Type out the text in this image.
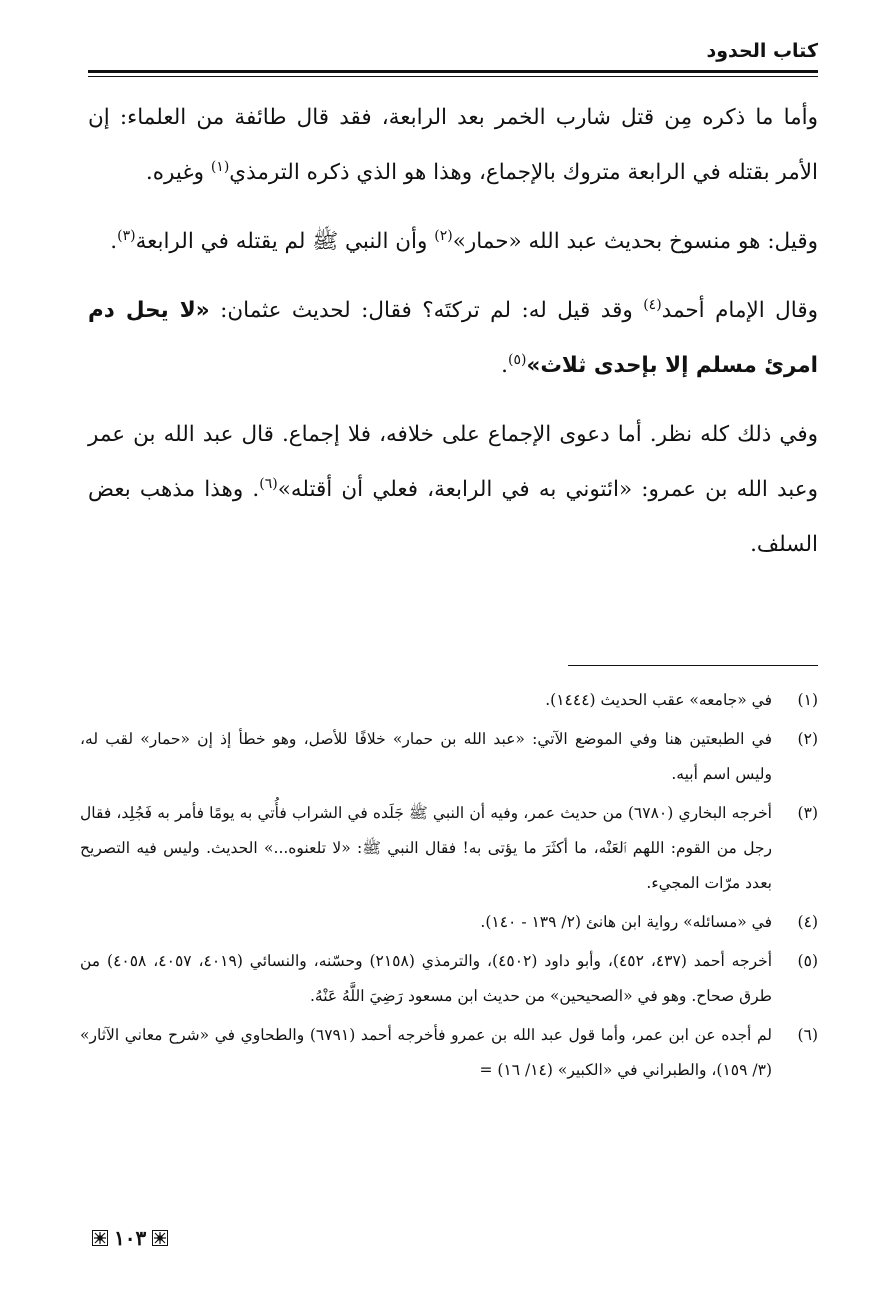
كتاب الحدود

وأما ما ذكره مِن قتل شارب الخمر بعد الرابعة، فقد قال طائفة من العلماء: إن الأمر بقتله في الرابعة متروك بالإجماع، وهذا هو الذي ذكره الترمذي$^{(١)}$ وغيره.

وقيل: هو منسوخ بحديث عبد الله «حمار»$^{(٢)}$ وأن النبي ﷺ لم يقتله في الرابعة$^{(٣)}$.

وقال الإمام أحمد$^{(٤)}$ وقد قيل له: لم تركتَه؟ فقال: لحديث عثمان: «لا يحل دم امرئ مسلم إلا بإحدى ثلاث»$^{(٥)}$.

وفي ذلك كله نظر. أما دعوى الإجماع على خلافه، فلا إجماع. قال عبد الله بن عمر وعبد الله بن عمرو: «ائتوني به في الرابعة، فعلي أن أقتله»$^{(٦)}$. وهذا مذهب بعض السلف.

(١)
في «جامعه» عقب الحديث (١٤٤٤).
(٢)
في الطبعتين هنا وفي الموضع الآتي: «عبد الله بن حمار» خلافًا للأصل، وهو خطأ إذ إن «حمار» لقب له، وليس اسم أبيه.
(٣)
أخرجه البخاري (٦٧٨٠) من حديث عمر، وفيه أن النبي ﷺ جَلَده في الشراب فأُتي به يومًا فأمر به فَجُلِد، فقال رجل من القوم: اللهم ٱلعَنْه، ما أكثَرَ ما يؤتى به! فقال النبي ﷺ: «لا تلعنوه...» الحديث. وليس فيه التصريح بعدد مرّات المجيء.
(٤)
في «مسائله» رواية ابن هانئ (٢/ ١٣٩ - ١٤٠).
(٥)
أخرجه أحمد (٤٣٧، ٤٥٢)، وأبو داود (٤٥٠٢)، والترمذي (٢١٥٨) وحسّنه، والنسائي (٤٠١٩، ٤٠٥٧، ٤٠٥٨) من طرق صحاح. وهو في «الصحيحين» من حديث ابن مسعود رَضِيَ اللَّهُ عَنْهُ.
(٦)
لم أجده عن ابن عمر، وأما قول عبد الله بن عمرو فأخرجه أحمد (٦٧٩١) والطحاوي في «شرح معاني الآثار» (٣/ ١٥٩)، والطبراني في «الكبير» (١٤/ ١٦) =
١٠٣
